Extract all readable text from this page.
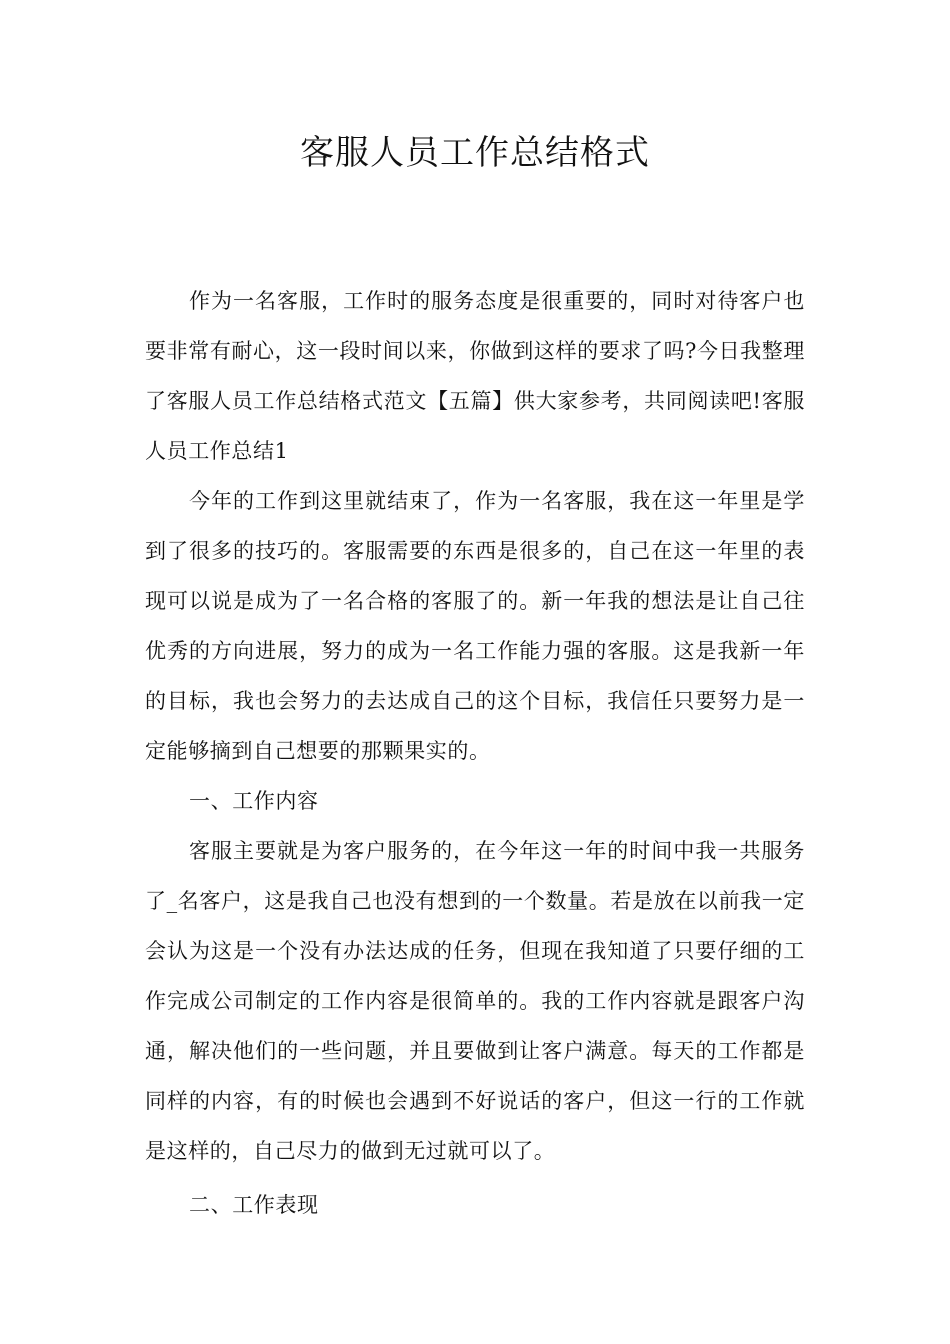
客服人员工作总结格式

作为一名客服，工作时的服务态度是很重要的，同时对待客户也要非常有耐心，这一段时间以来，你做到这样的要求了吗?今日我整理了客服人员工作总结格式范文【五篇】供大家参考，共同阅读吧!客服人员工作总结1

今年的工作到这里就结束了，作为一名客服，我在这一年里是学到了很多的技巧的。客服需要的东西是很多的，自己在这一年里的表现可以说是成为了一名合格的客服了的。新一年我的想法是让自己往优秀的方向进展，努力的成为一名工作能力强的客服。这是我新一年的目标，我也会努力的去达成自己的这个目标，我信任只要努力是一定能够摘到自己想要的那颗果实的。

一、工作内容

客服主要就是为客户服务的，在今年这一年的时间中我一共服务了_名客户，这是我自己也没有想到的一个数量。若是放在以前我一定会认为这是一个没有办法达成的任务，但现在我知道了只要仔细的工作完成公司制定的工作内容是很简单的。我的工作内容就是跟客户沟通，解决他们的一些问题，并且要做到让客户满意。每天的工作都是同样的内容，有的时候也会遇到不好说话的客户，但这一行的工作就是这样的，自己尽力的做到无过就可以了。

二、工作表现
